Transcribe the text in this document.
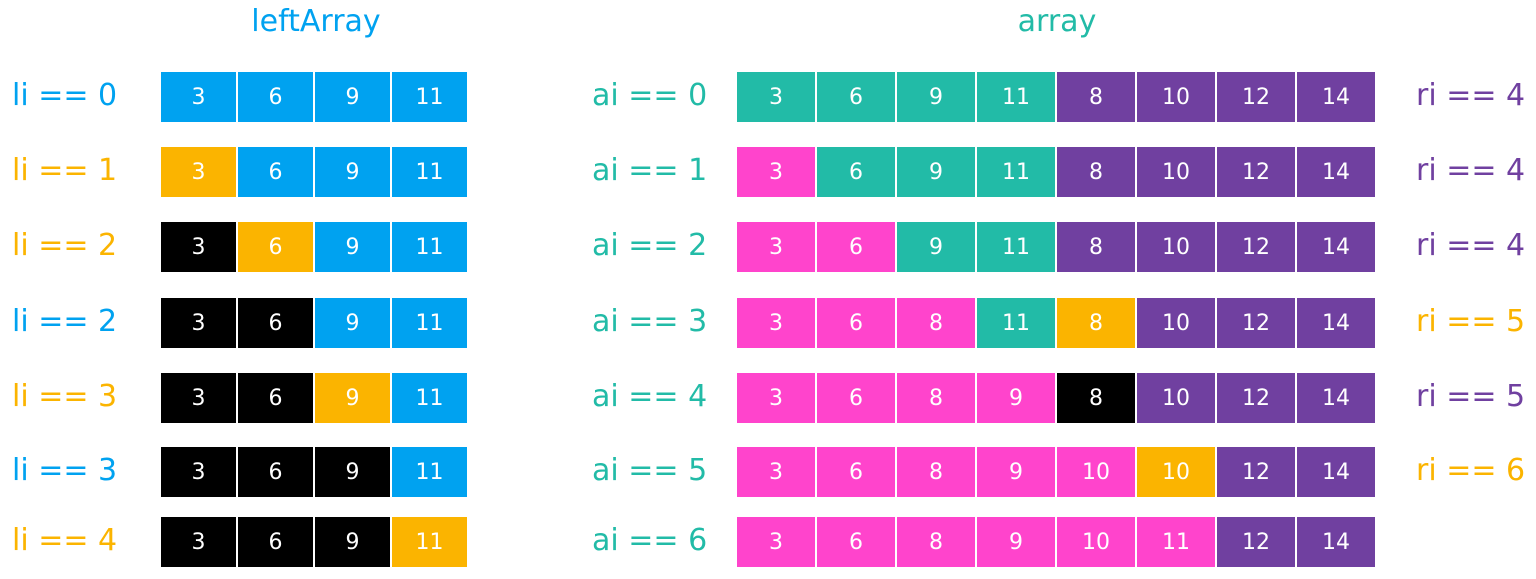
leftArray	array
li == 0	3	6	9	11	ai == 0	3	6	9	11	8	10	12	14	ri == 4
li == 1	3	6	9	11	ai == 1	3	6	9	11	8	10	12	14	ri == 4
li == 2	3	6	9	11	ai == 2	3	6	9	11	8	10	12	14	ri == 4
li == 2	3	6	9	11	ai == 3	3	6	8	11	8	10	12	14	ri == 5
li == 3	3	6	9	11	ai == 4	3	6	8	9	8	10	12	14	ri == 5
li == 3	3	6	9	11	ai == 5	3	6	8	9	10	10	12	14	ri == 6
li == 4	3	6	9	11	ai == 6	3	6	8	9	10	11	12	14
